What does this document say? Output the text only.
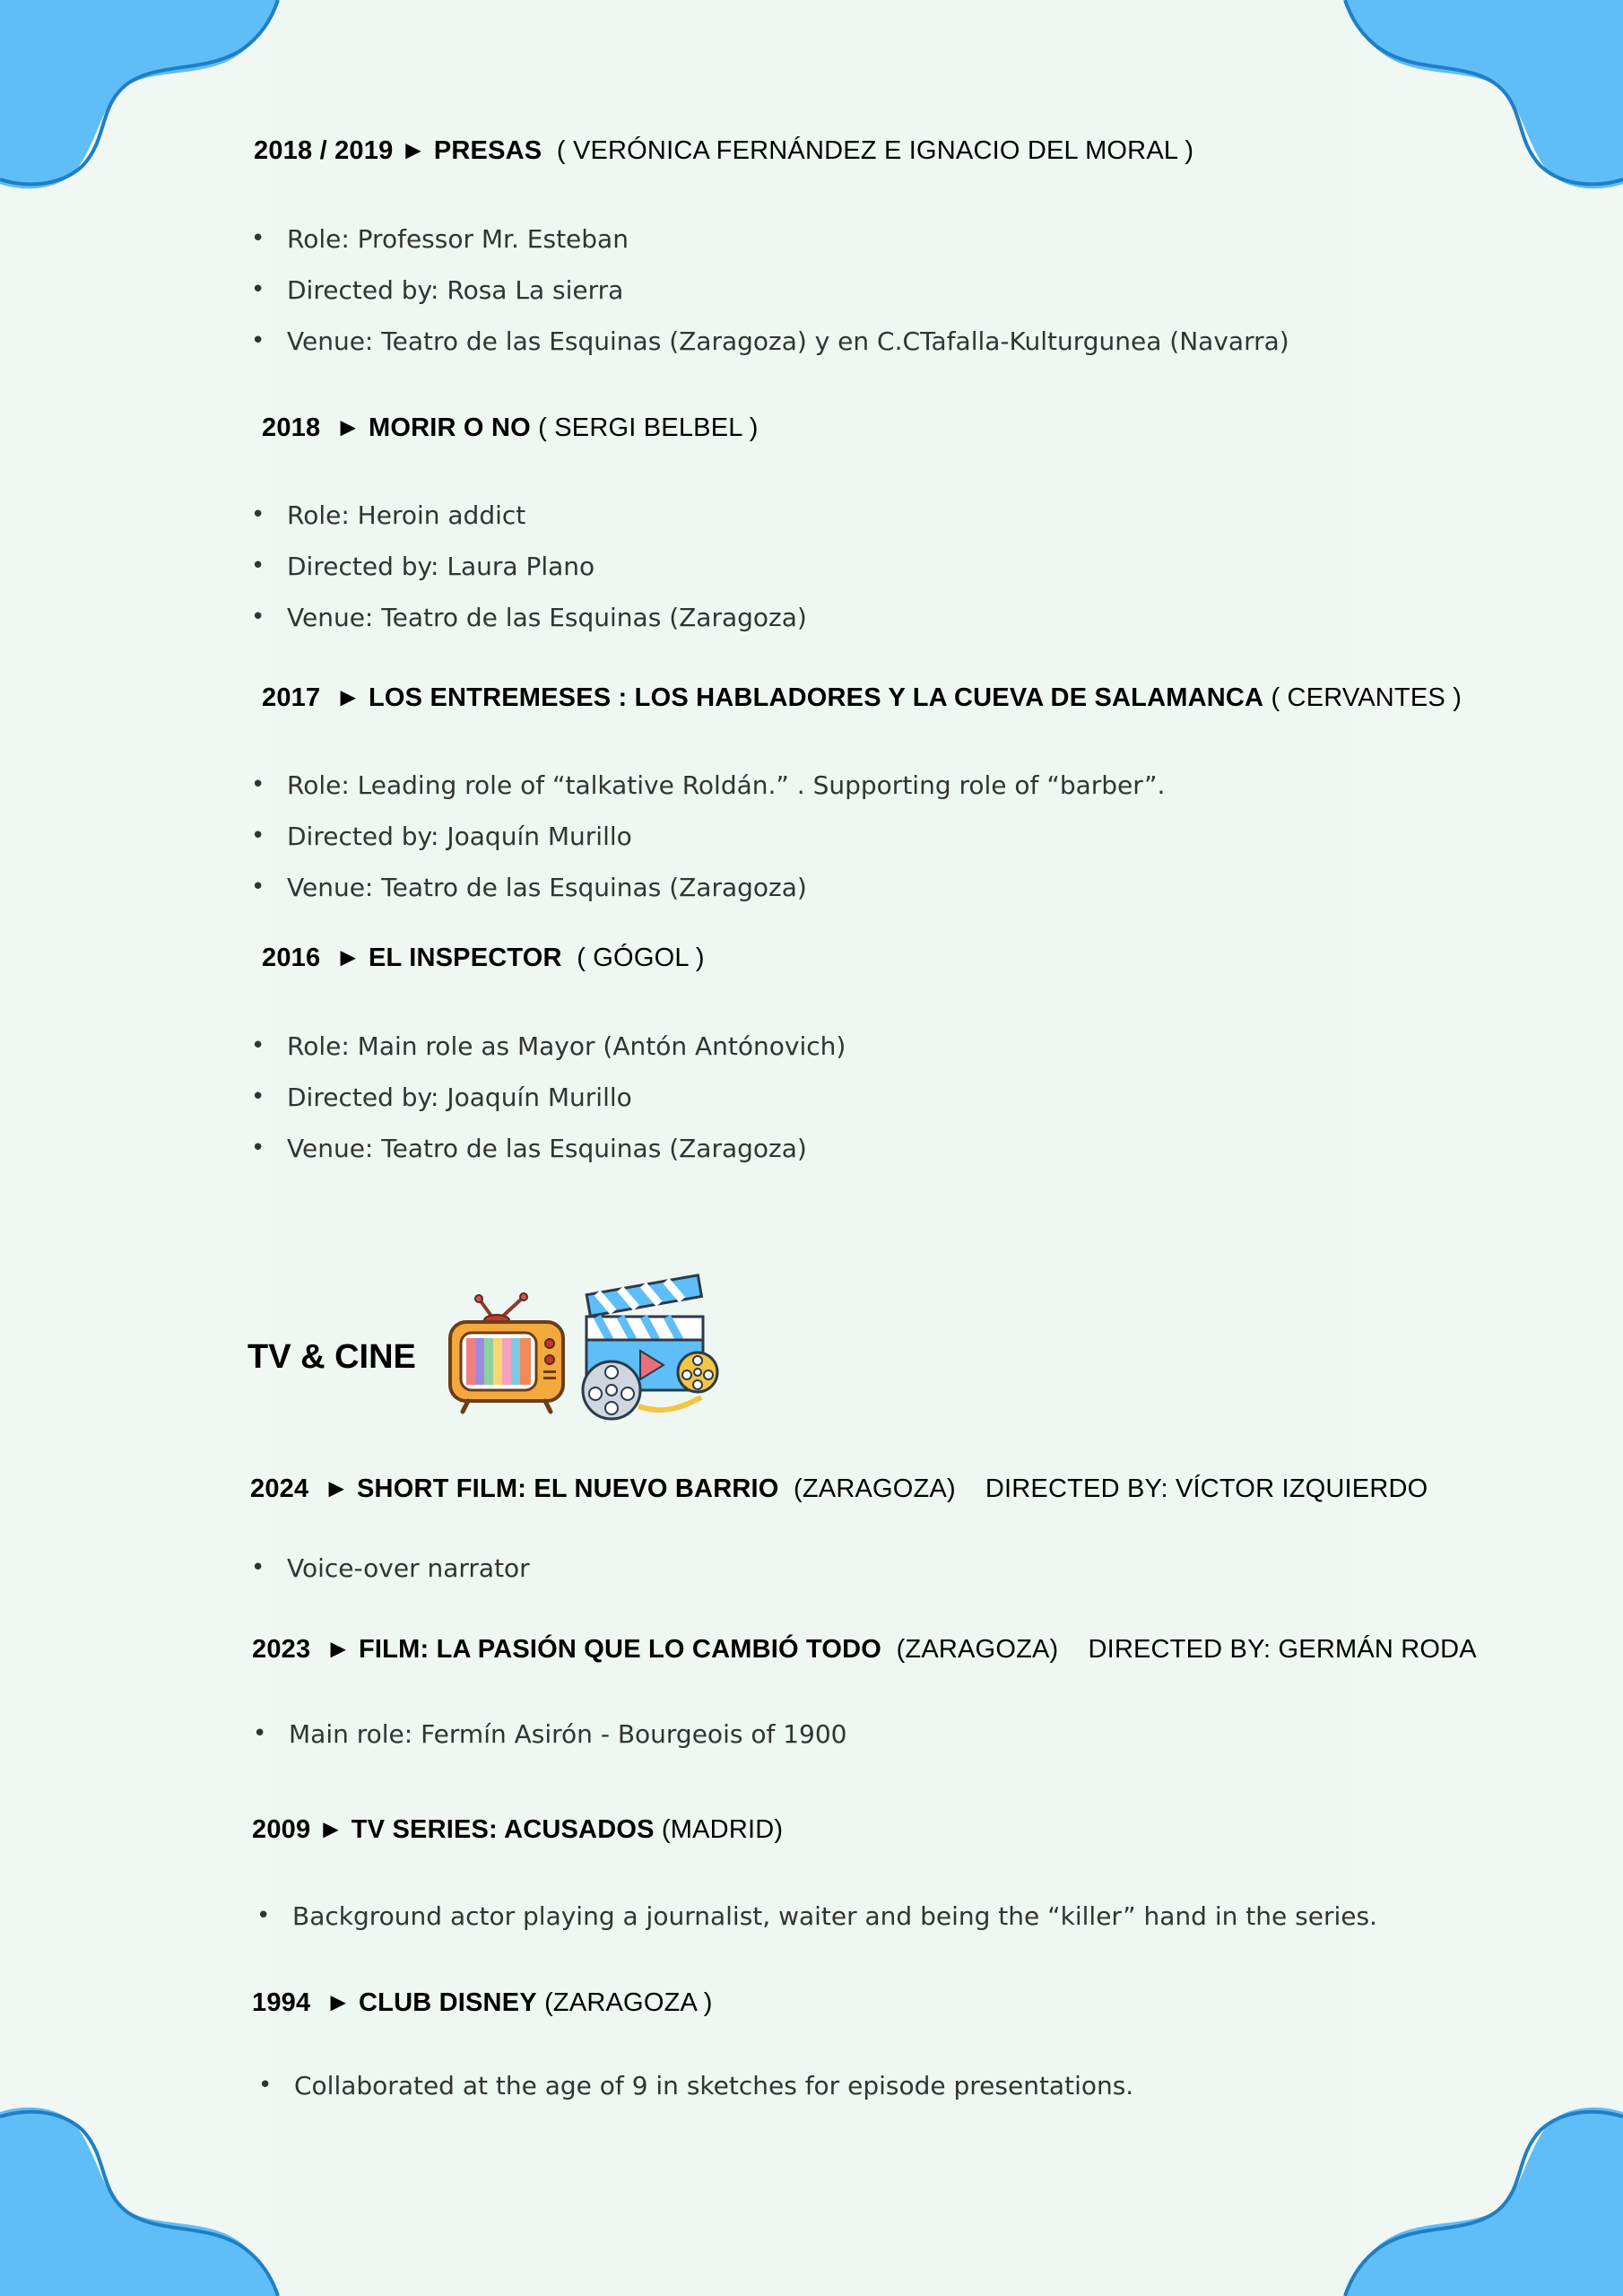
2018 / 2019 ► PRESAS ( VERÓNICA FERNÁNDEZ E IGNACIO DEL MORAL )
• Role: Professor Mr. Esteban
• Directed by: Rosa La sierra
• Venue: Teatro de las Esquinas (Zaragoza) y en C.CTafalla-Kulturgunea (Navarra)
2018 ► MORIR O NO ( SERGI BELBEL )
• Role: Heroin addict
• Directed by: Laura Plano
• Venue: Teatro de las Esquinas (Zaragoza)
2017 ► LOS ENTREMESES : LOS HABLADORES Y LA CUEVA DE SALAMANCA ( CERVANTES )
• Role: Leading role of “talkative Roldán.” . Supporting role of “barber”.
• Directed by: Joaquín Murillo
• Venue: Teatro de las Esquinas (Zaragoza)
2016 ► EL INSPECTOR ( GÓGOL )
• Role: Main role as Mayor (Antón Antónovich)
• Directed by: Joaquín Murillo
• Venue: Teatro de las Esquinas (Zaragoza)
TV & CINE
2024 ► SHORT FILM: EL NUEVO BARRIO (ZARAGOZA) DIRECTED BY: VÍCTOR IZQUIERDO
• Voice-over narrator
2023 ► FILM: LA PASIÓN QUE LO CAMBIÓ TODO (ZARAGOZA) DIRECTED BY: GERMÁN RODA
• Main role: Fermín Asirón - Bourgeois of 1900
2009 ► TV SERIES: ACUSADOS (MADRID)
• Background actor playing a journalist, waiter and being the “killer” hand in the series.
1994 ► CLUB DISNEY (ZARAGOZA )
• Collaborated at the age of 9 in sketches for episode presentations.
